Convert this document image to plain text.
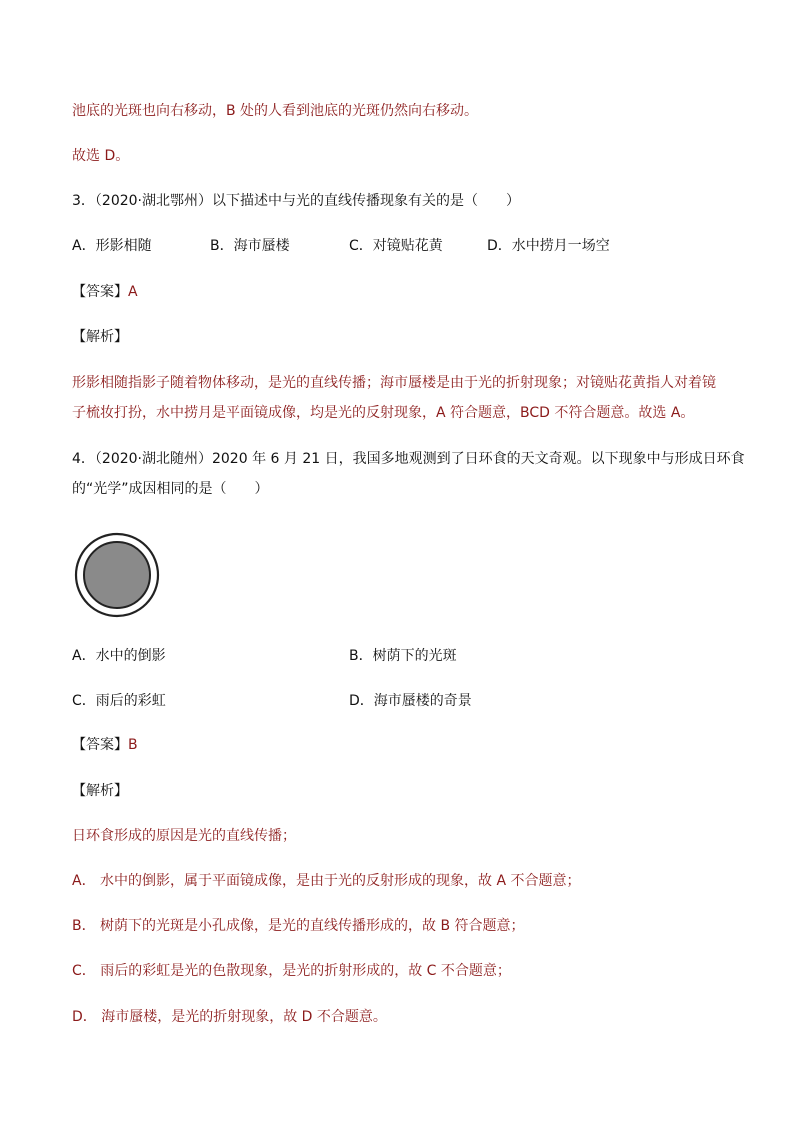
池底的光斑也向右移动，B 处的人看到池底的光斑仍然向右移动。
故选 D。
3．（2020·湖北鄂州）以下描述中与光的直线传播现象有关的是（　　）
A．形影相随	B．海市蜃楼	C．对镜贴花黄	D．水中捞月一场空
【答案】A
【解析】
形影相随指影子随着物体移动，是光的直线传播；海市蜃楼是由于光的折射现象；对镜贴花黄指人对着镜
子梳妆打扮，水中捞月是平面镜成像，均是光的反射现象，A 符合题意，BCD 不符合题意。故选 A。
4．（2020·湖北随州）2020 年 6 月 21 日，我国多地观测到了日环食的天文奇观。以下现象中与形成日环食
的“光学”成因相同的是（　　）
A．水中的倒影	B．树荫下的光斑
C．雨后的彩虹	D．海市蜃楼的奇景
【答案】B
【解析】
日环食形成的原因是光的直线传播；
A． 水中的倒影，属于平面镜成像，是由于光的反射形成的现象，故 A 不合题意；
B． 树荫下的光斑是小孔成像，是光的直线传播形成的，故 B 符合题意；
C． 雨后的彩虹是光的色散现象，是光的折射形成的，故 C 不合题意；
D． 海市蜃楼，是光的折射现象，故 D 不合题意。
